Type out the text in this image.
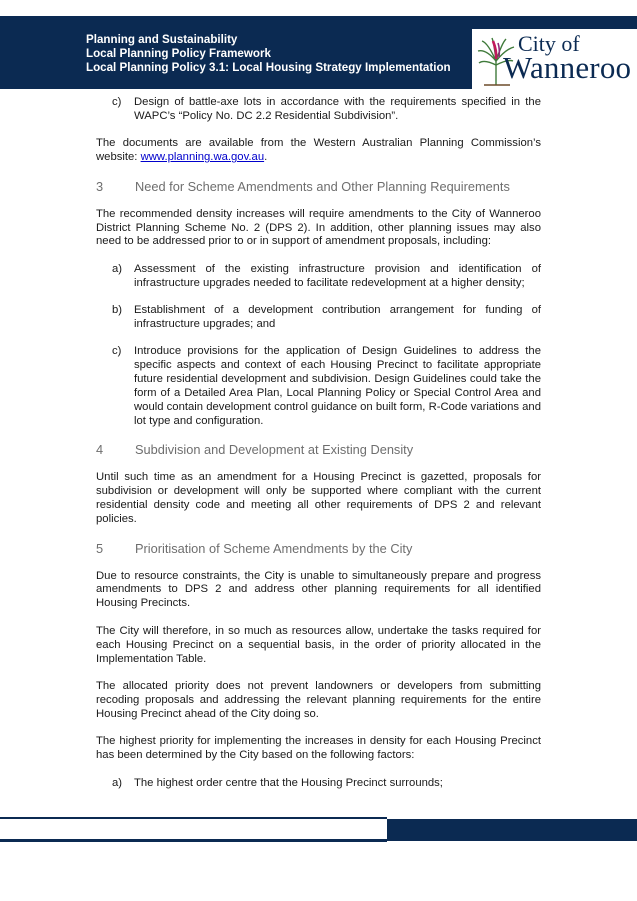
Planning and Sustainability
Local Planning Policy Framework
Local Planning Policy 3.1: Local Housing Strategy Implementation
City of
Wanneroo
c)	Design of battle-axe lots in accordance with the requirements specified in the WAPC’s “Policy No. DC 2.2 Residential Subdivision”.
The documents are available from the Western Australian Planning Commission’s website: www.planning.wa.gov.au.
3	Need for Scheme Amendments and Other Planning Requirements
The recommended density increases will require amendments to the City of Wanneroo District Planning Scheme No. 2 (DPS 2). In addition, other planning issues may also need to be addressed prior to or in support of amendment proposals, including:
a)	Assessment of the existing infrastructure provision and identification of infrastructure upgrades needed to facilitate redevelopment at a higher density;
b)	Establishment of a development contribution arrangement for funding of infrastructure upgrades; and
c)	Introduce provisions for the application of Design Guidelines to address the specific aspects and context of each Housing Precinct to facilitate appropriate future residential development and subdivision. Design Guidelines could take the form of a Detailed Area Plan, Local Planning Policy or Special Control Area and would contain development control guidance on built form, R-Code variations and lot type and configuration.
4	Subdivision and Development at Existing Density
Until such time as an amendment for a Housing Precinct is gazetted, proposals for subdivision or development will only be supported where compliant with the current residential density code and meeting all other requirements of DPS 2 and relevant policies.
5	Prioritisation of Scheme Amendments by the City
Due to resource constraints, the City is unable to simultaneously prepare and progress amendments to DPS 2 and address other planning requirements for all identified Housing Precincts.
The City will therefore, in so much as resources allow, undertake the tasks required for each Housing Precinct on a sequential basis, in the order of priority allocated in the Implementation Table.
The allocated priority does not prevent landowners or developers from submitting recoding proposals and addressing the relevant planning requirements for the entire Housing Precinct ahead of the City doing so.
The highest priority for implementing the increases in density for each Housing Precinct has been determined by the City based on the following factors:
a)	The highest order centre that the Housing Precinct surrounds;
